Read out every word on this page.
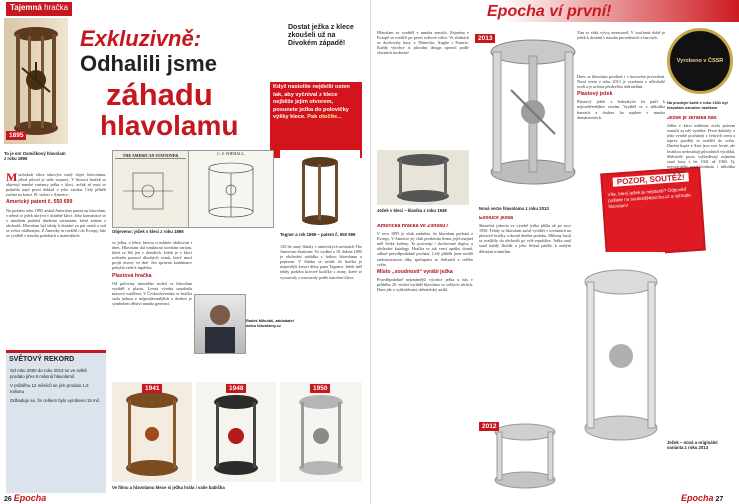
Tajemná hračka
1895
Exkluzivně:
Odhalili jsme
záhadu
hlavolamu
Dostat ježka z klece zkoušeli už na Divokém západě!
Když nastolíte nejdelší osten tak, aby vyčníval z klece nejblíže jejím otvorem, posunete ježka do polovičky výšky klece. Pak otočíte...
To je on! Osmičkový hlavolam z roku 1895
THE AMERICAN STATIONER	C. S. WIEHALL.
Tegner a rok 1895 – patent č. 550 699
Objeveno: ježek v kleci z roku 1895
Mnohokrát sláva takovýto malý objev hlavolamu, jehož původ je stále nejasný. V historii hraček se objevují mnohé varianty ježka v kleci, avšak až nyní se podařilo najít první doklad o jeho vzniku. Celý příběh začíná na konci 19. století v Americe.
Americký patent č. 550 699
Na podzim roku 1895 získal Američan patent na hlavolam, v němž se ježek ukrývá v drátěné kleci. Jeho konstrukce se v mnohém podobá dnešním variantám, které známe z obchodů. Hlavolam byl tehdy k dostání za pár centů a stal se velice oblíbeným. Z Ameriky se rozšířil i do Evropy, kde se vyráběl v mnoha podobách a materiálech.
SVĚTOVÝ REKORD
Od roku 2000 do roku 2013 se ve světě prodalo přes 8 milionů hlavolamů
V průběhu 12 měsíců se jich prodalo 1,6 milionu
Odhaduje se, že celkem bylo vyrobeno 15 mil.
ve ježka, a lehce, kterou si můžete obdivovat i dnes. Hlavolam dal vzniknout stovkám variant, které se liší jen v detailech. Ježek je v kleci uvězněn pomocí dlouhých ostnů, které musí projít otvory ve dně. Jen správná kombinace pohybů vede k úspěchu.
Plastová hračka
Od poloviny minulého století se hlavolam vyráběl z plastu. Levná výroba umožnila masové rozšíření. V Československu se hračka stala jednou z nejprodávanějších a dodnes je symbolem dětství mnoha generací.
Radek Mikuláš, zakladatel webu hlavolamy.cz
130 let starý články v amerických novinách The American Stationer. Ve vydání z 18. dubna 1895 je obchodní nabídka s fotkou hlavolamu a popisem. V článku se uvádí, že hračka je nejnovější kreací dílny pana Tegnera. Ježek měl tehdy podobu kovové kuličky s ostny, které se vysouvaly a zasouvaly podle natočení klece.
1941	1948	1950
Ve filmu a hlavolamu klece si ježka hrála i vaše babička
26 Epocha
Epocha ví první!
2013
Nová verze hlavolamu z roku 2013
Hlavolam se vyráběl v mnoha zemích. Zejména v Evropě se rozšířil po první světové válce. Ve sbírkách se dochovaly kusy z Německa, Anglie i Francie. Každý výrobce si původní design upravil podle vlastních možností.
Ježek v kleci – klasika z roku 1948
Americká hračka ve Zlínsku?
V roce 1895 je však zmíněno, že hlavolam pochází z Evropy. V Americe jej však prodávala firma, jejíž majitel měl české kořeny. To potvrzují i dochované dopisy a obchodní katalogy. Hračka se tak vrací zpátky domů, odkud pravděpodobně pochází. Celý příběh jsme mohli zrekonstruovat díky spolupráci se sběrateli z celého světa.
Místo „soudnosti“ vyrábí ježka
Pravděpodobně nejznámější výrobce ježka u nás v průběhu 20. století vyráběl hlavolam ve velkých sériích. Dnes jde o vyhledávaný sběratelský artikl.
Evoluce ježka
Skutečná jednota ve výrobě ježka přišla až po roce 1950. Tehdy se hlavolam začal vyrábět v továrnách na plastové hračky a dostal dnešní podobu. Miliony kusů se rozšířily do obchodů po celé republice. Ježka znal snad každý školák a jeho řešení patřilo k malým dětským triumfům.
2012
Tím se však vývoj nezastavil. V současné době je ježek k dostání v mnoha provedeních a barvách.
Vyrobeno v ČSSR
Na prodejní kartě z roku 1941 byl hlavolam označen razítkem
Dnes se hlavolam prodává i v kovovém provedení. Nová verze z roku 2013 je vyrobena z ušlechtilé oceli a je určena především sběratelům.
Plastový ježek
Plastový ježek z šedesátých let patří k nejrozšířenějším verzím. Vyráběl se v několika barvách a dodnes ho najdete v mnoha domácnostech.
POZOR, SOUTĚŽ!
Víte, který ježek je nejstarší? Odpověď pošlete na soutez@epocha.cz a vyhrajte hlavolam!
Ježek je zkrátka náš
Ježka v kleci můžeme zcela právem označit za náš vynález. První doklady o jeho výrobě pocházejí z českých zemí a teprve později se rozšířil do světa. Dnešní kopie z Asie jsou sice levné, ale kvalitou nedosahují původních výrobků. Sběratelé proto vyhledávají zejména staré kusy z let 1941 až 1960. Ty nejvzácnější mají hodnotu i několika tisíc korun.
Ježek – nová a originální varianta z roku 2013
Epocha 27
